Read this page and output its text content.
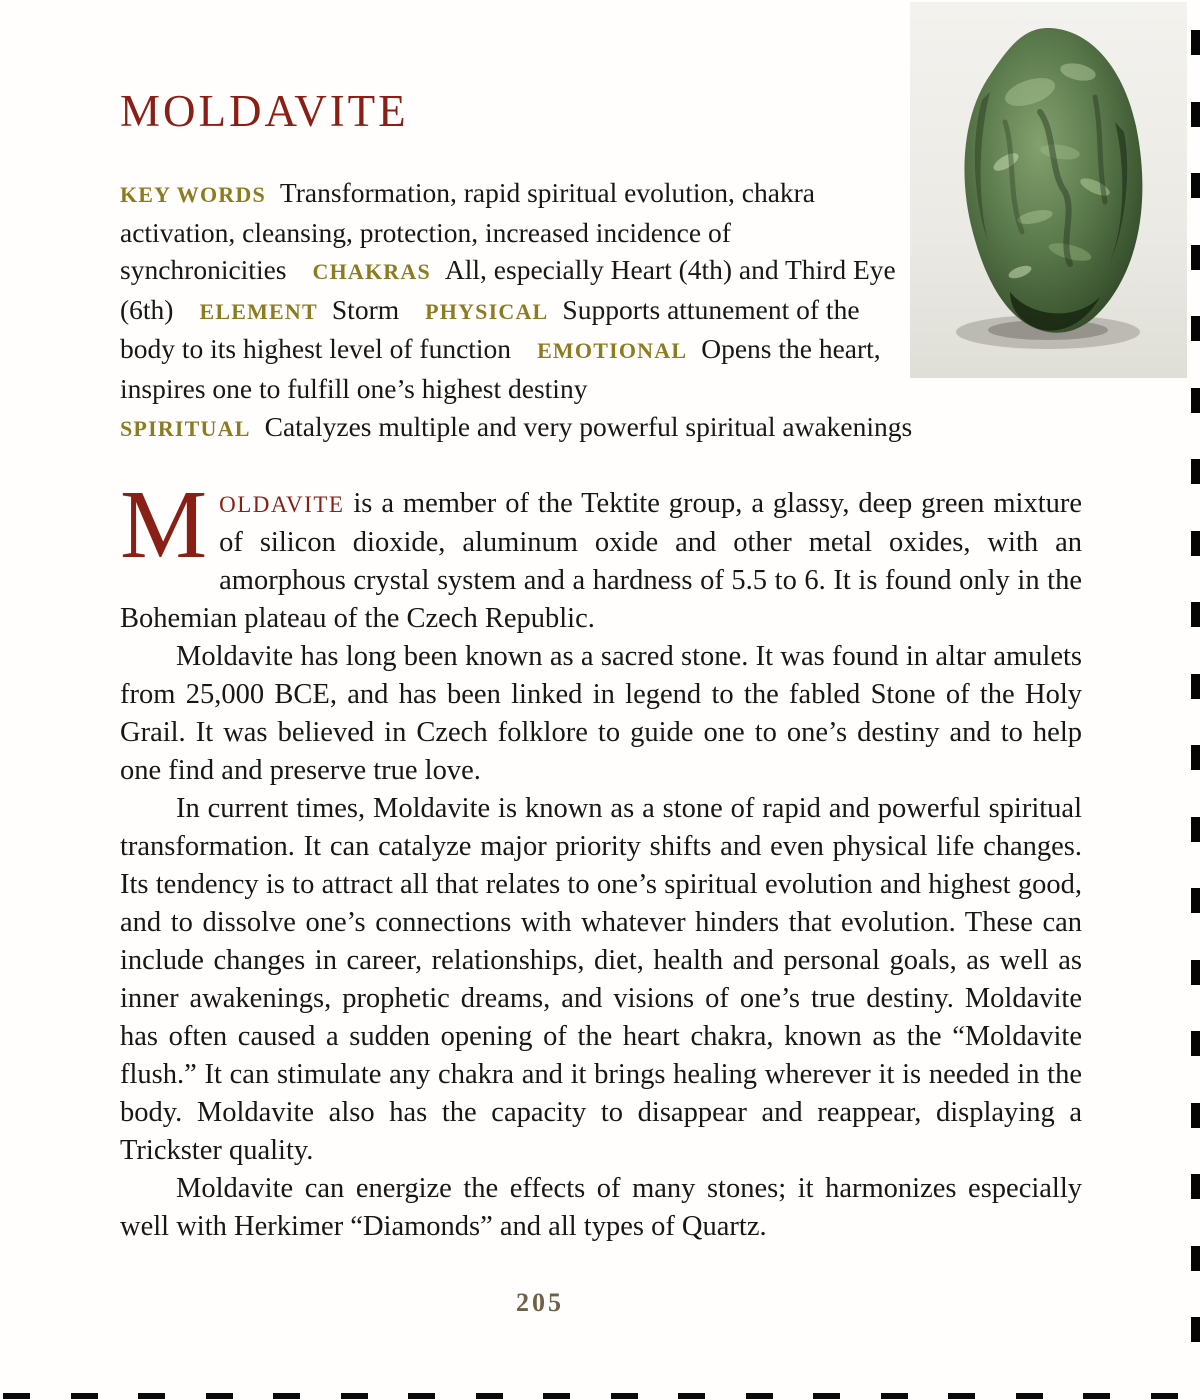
MOLDAVITE

KEY WORDS Transformation, rapid spiritual evolution, chakra activation, cleansing, protection, increased incidence of synchronicities CHAKRAS All, especially Heart (4th) and Third Eye (6th) ELEMENT Storm PHYSICAL Supports attunement of the body to its highest level of function EMOTIONAL Opens the heart, inspires one to fulfill one’s highest destiny
SPIRITUAL Catalyzes multiple and very powerful spiritual awakenings

MOLDAVITE is a member of the Tektite group, a glassy, deep green mixture of silicon dioxide, aluminum oxide and other metal oxides, with an amorphous crystal system and a hardness of 5.5 to 6. It is found only in the Bohemian plateau of the Czech Republic.

Moldavite has long been known as a sacred stone. It was found in altar amulets from 25,000 BCE, and has been linked in legend to the fabled Stone of the Holy Grail. It was believed in Czech folklore to guide one to one’s destiny and to help one find and preserve true love.

In current times, Moldavite is known as a stone of rapid and powerful spiritual transformation. It can catalyze major priority shifts and even physical life changes. Its tendency is to attract all that relates to one’s spiritual evolution and highest good, and to dissolve one’s connections with whatever hinders that evolution. These can include changes in career, relationships, diet, health and personal goals, as well as inner awakenings, prophetic dreams, and visions of one’s true destiny. Moldavite has often caused a sudden opening of the heart chakra, known as the “Moldavite flush.” It can stimulate any chakra and it brings healing wherever it is needed in the body. Moldavite also has the capacity to disappear and reappear, displaying a Trickster quality.

Moldavite can energize the effects of many stones; it harmonizes especially well with Herkimer “Diamonds” and all types of Quartz.

205
